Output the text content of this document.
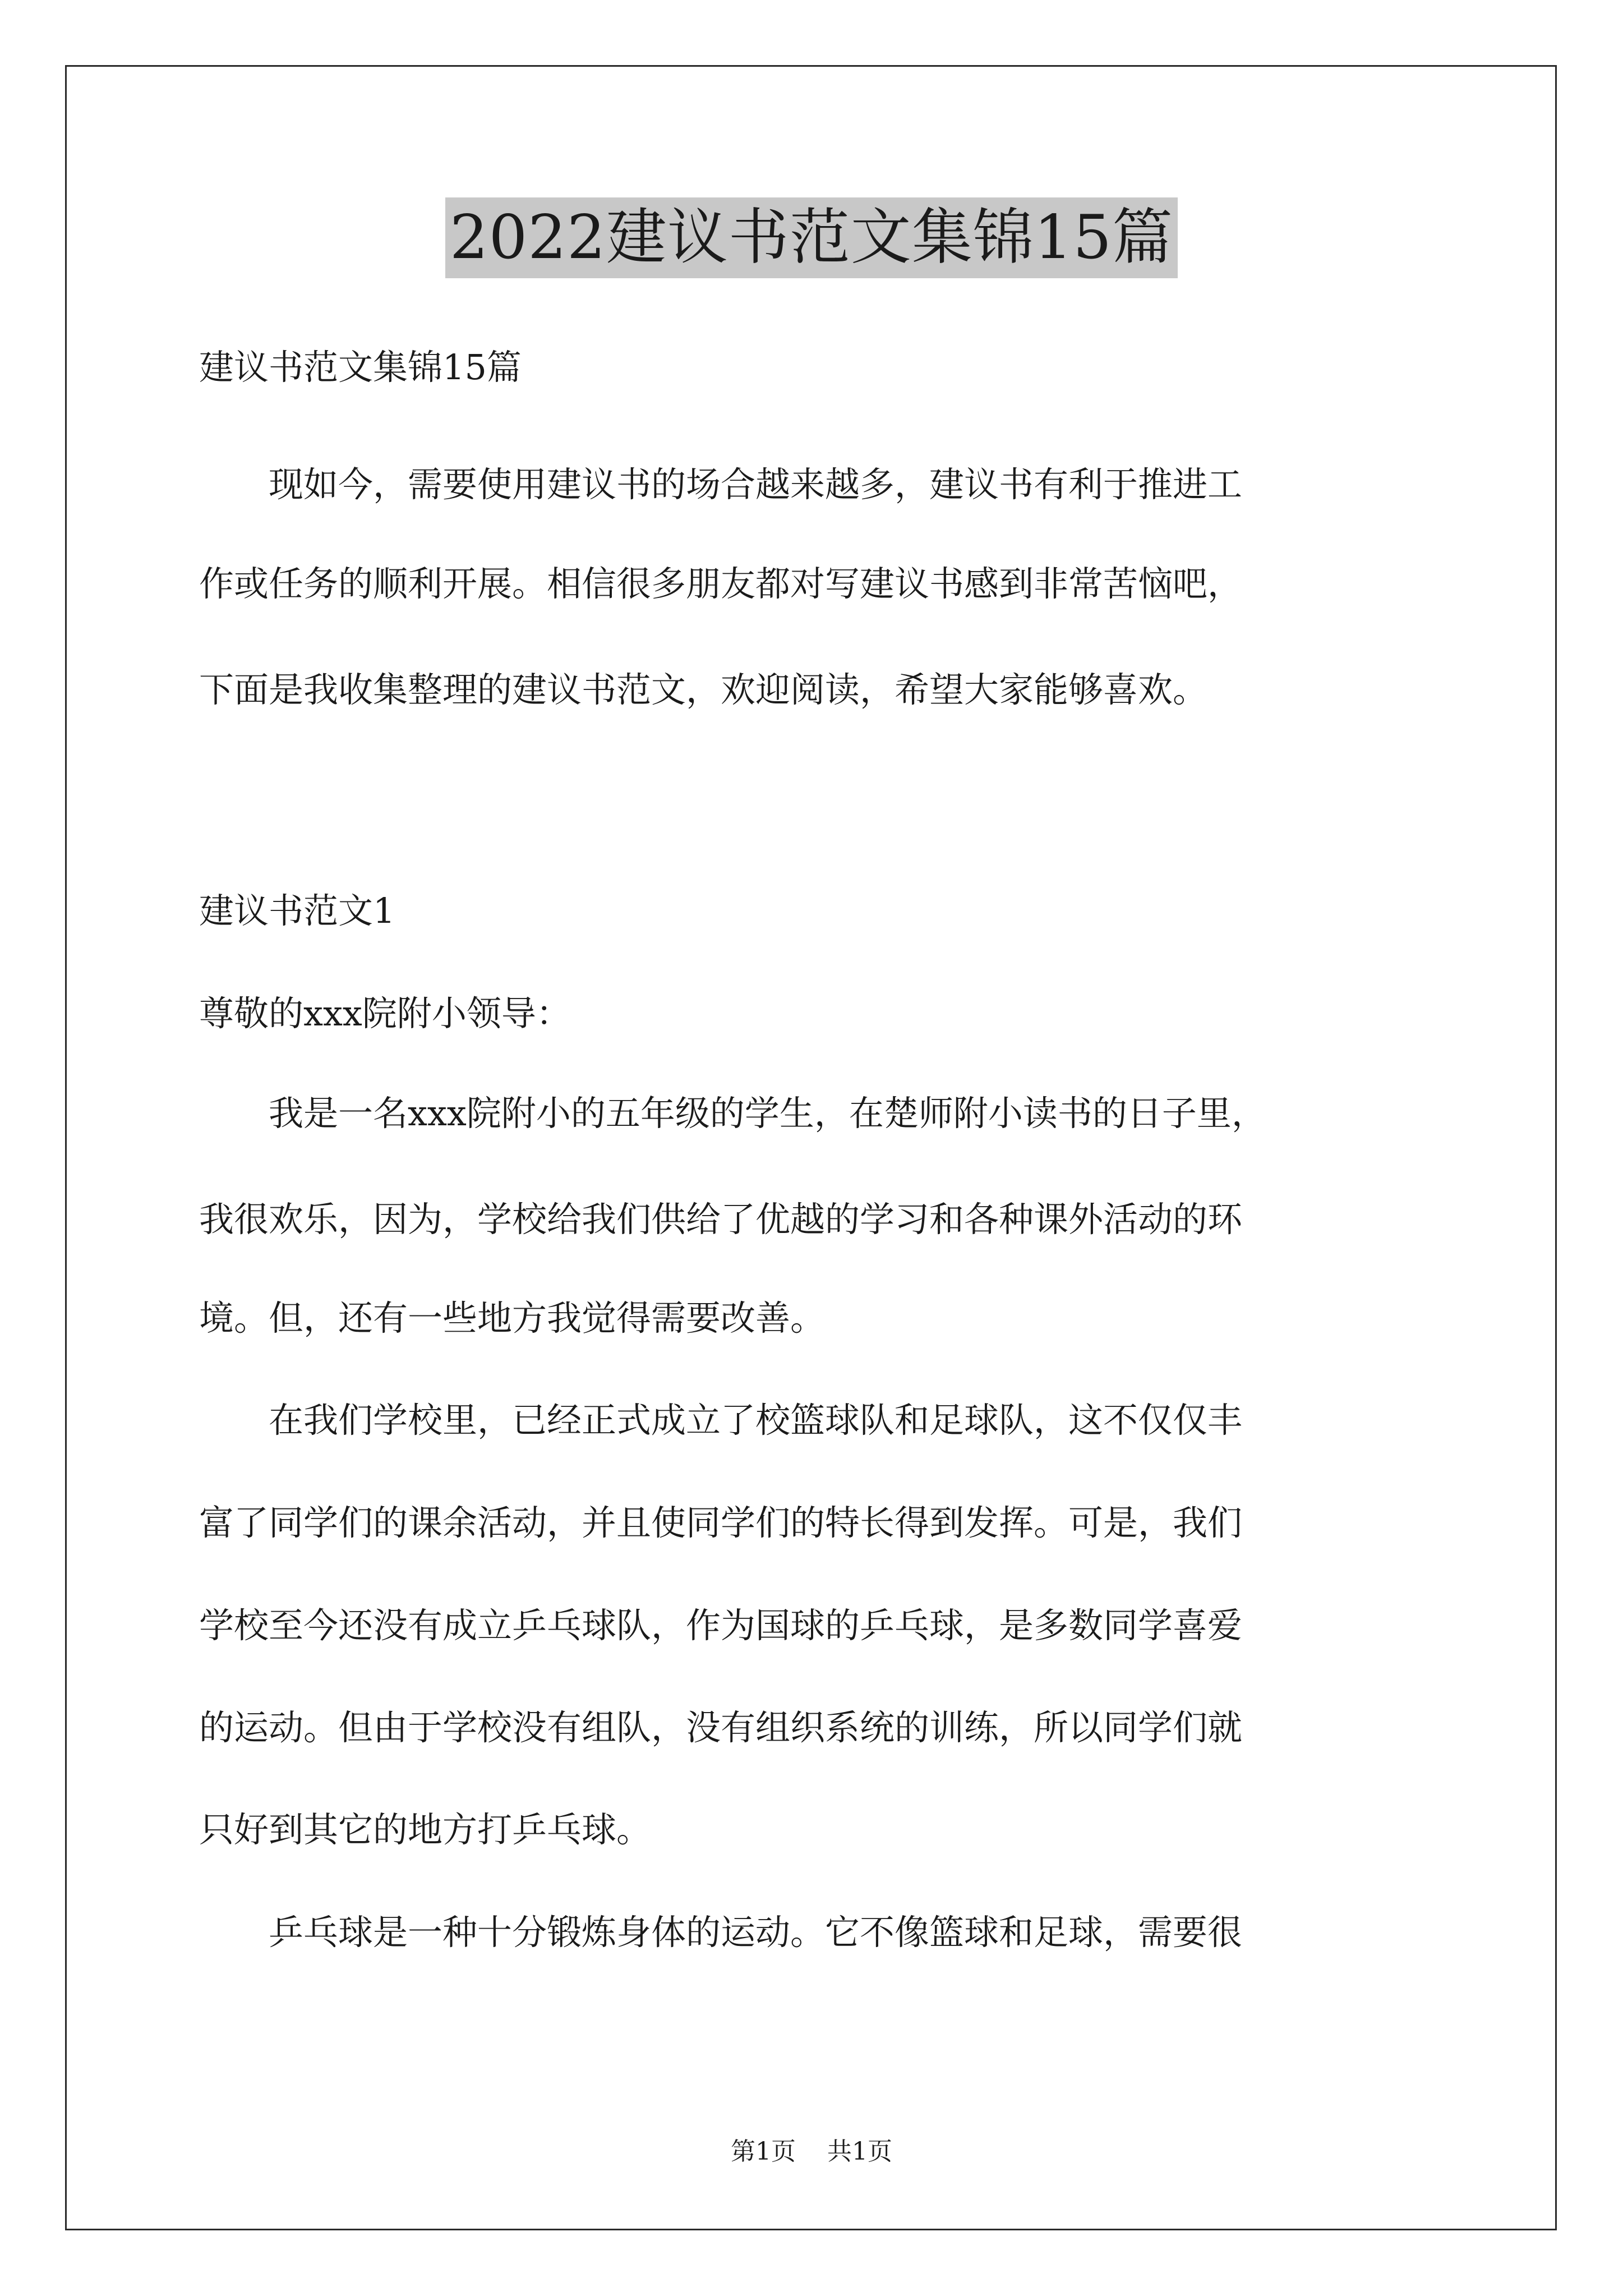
2022建议书范文集锦15篇

建议书范文集锦15篇

　　现如今，需要使用建议书的场合越来越多，建议书有利于推进工

作或任务的顺利开展。相信很多朋友都对写建议书感到非常苦恼吧，

下面是我收集整理的建议书范文，欢迎阅读，希望大家能够喜欢。

建议书范文1

尊敬的xxx院附小领导：

　　我是一名xxx院附小的五年级的学生，在楚师附小读书的日子里，

我很欢乐，因为，学校给我们供给了优越的学习和各种课外活动的环

境。但，还有一些地方我觉得需要改善。

　　在我们学校里，已经正式成立了校篮球队和足球队，这不仅仅丰

富了同学们的课余活动，并且使同学们的特长得到发挥。可是，我们

学校至今还没有成立乒乓球队，作为国球的乒乓球，是多数同学喜爱

的运动。但由于学校没有组队，没有组织系统的训练，所以同学们就

只好到其它的地方打乒乓球。

　　乒乓球是一种十分锻炼身体的运动。它不像篮球和足球，需要很

第1页 共1页
